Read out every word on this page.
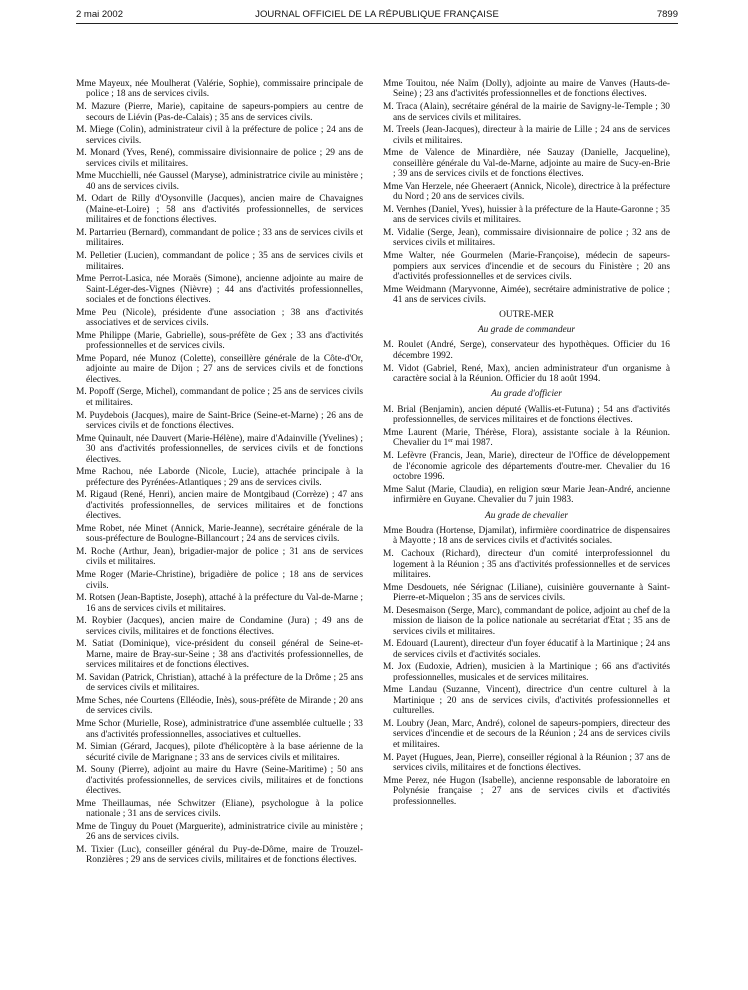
2 mai 2002	JOURNAL OFFICIEL DE LA RÉPUBLIQUE FRANÇAISE	7899
Mme Mayeux, née Moulherat (Valérie, Sophie), commissaire principale de police ; 18 ans de services civils.
M. Mazure (Pierre, Marie), capitaine de sapeurs-pompiers au centre de secours de Liévin (Pas-de-Calais) ; 35 ans de services civils.
M. Miege (Colin), administrateur civil à la préfecture de police ; 24 ans de services civils.
M. Monard (Yves, René), commissaire divisionnaire de police ; 29 ans de services civils et militaires.
Mme Mucchielli, née Gaussel (Maryse), administratrice civile au ministère ; 40 ans de services civils.
M. Odart de Rilly d'Oysonville (Jacques), ancien maire de Chavaignes (Maine-et-Loire) ; 58 ans d'activités professionnelles, de services militaires et de fonctions électives.
M. Partarrieu (Bernard), commandant de police ; 33 ans de services civils et militaires.
M. Pelletier (Lucien), commandant de police ; 35 ans de services civils et militaires.
Mme Perrot-Lasica, née Moraës (Simone), ancienne adjointe au maire de Saint-Léger-des-Vignes (Nièvre) ; 44 ans d'activités professionnelles, sociales et de fonctions électives.
Mme Peu (Nicole), présidente d'une association ; 38 ans d'activités associatives et de services civils.
Mme Philippe (Marie, Gabrielle), sous-préfète de Gex ; 33 ans d'activités professionnelles et de services civils.
Mme Popard, née Munoz (Colette), conseillère générale de la Côte-d'Or, adjointe au maire de Dijon ; 27 ans de services civils et de fonctions électives.
M. Popoff (Serge, Michel), commandant de police ; 25 ans de services civils et militaires.
M. Puydebois (Jacques), maire de Saint-Brice (Seine-et-Marne) ; 26 ans de services civils et de fonctions électives.
Mme Quinault, née Dauvert (Marie-Hélène), maire d'Adainville (Yvelines) ; 30 ans d'activités professionnelles, de services civils et de fonctions électives.
Mme Rachou, née Laborde (Nicole, Lucie), attachée principale à la préfecture des Pyrénées-Atlantiques ; 29 ans de services civils.
M. Rigaud (René, Henri), ancien maire de Montgibaud (Corrèze) ; 47 ans d'activités professionnelles, de services militaires et de fonctions électives.
Mme Robet, née Minet (Annick, Marie-Jeanne), secrétaire générale de la sous-préfecture de Boulogne-Billancourt ; 24 ans de services civils.
M. Roche (Arthur, Jean), brigadier-major de police ; 31 ans de services civils et militaires.
Mme Roger (Marie-Christine), brigadière de police ; 18 ans de services civils.
M. Rotsen (Jean-Baptiste, Joseph), attaché à la préfecture du Val-de-Marne ; 16 ans de services civils et militaires.
M. Roybier (Jacques), ancien maire de Condamine (Jura) ; 49 ans de services civils, militaires et de fonctions électives.
M. Satiat (Dominique), vice-président du conseil général de Seine-et-Marne, maire de Bray-sur-Seine ; 38 ans d'activités professionnelles, de services militaires et de fonctions électives.
M. Savidan (Patrick, Christian), attaché à la préfecture de la Drôme ; 25 ans de services civils et militaires.
Mme Sches, née Courtens (Elléodie, Inès), sous-préfète de Mirande ; 20 ans de services civils.
Mme Schor (Murielle, Rose), administratrice d'une assemblée cultuelle ; 33 ans d'activités professionnelles, associatives et cultuelles.
M. Simian (Gérard, Jacques), pilote d'hélicoptère à la base aérienne de la sécurité civile de Marignane ; 33 ans de services civils et militaires.
M. Souny (Pierre), adjoint au maire du Havre (Seine-Maritime) ; 50 ans d'activités professionnelles, de services civils, militaires et de fonctions électives.
Mme Theillaumas, née Schwitzer (Eliane), psychologue à la police nationale ; 31 ans de services civils.
Mme de Tinguy du Pouet (Marguerite), administratrice civile au ministère ; 26 ans de services civils.
M. Tixier (Luc), conseiller général du Puy-de-Dôme, maire de Trouzel-Ronzières ; 29 ans de services civils, militaires et de fonctions électives.
Mme Touitou, née Naïm (Dolly), adjointe au maire de Vanves (Hauts-de-Seine) ; 23 ans d'activités professionnelles et de fonctions électives.
M. Traca (Alain), secrétaire général de la mairie de Savigny-le-Temple ; 30 ans de services civils et militaires.
M. Treels (Jean-Jacques), directeur à la mairie de Lille ; 24 ans de services civils et militaires.
Mme de Valence de Minardière, née Sauzay (Danielle, Jacqueline), conseillère générale du Val-de-Marne, adjointe au maire de Sucy-en-Brie ; 39 ans de services civils et de fonctions électives.
Mme Van Herzele, née Gheeraert (Annick, Nicole), directrice à la préfecture du Nord ; 20 ans de services civils.
M. Vernhes (Daniel, Yves), huissier à la préfecture de la Haute-Garonne ; 35 ans de services civils et militaires.
M. Vidalie (Serge, Jean), commissaire divisionnaire de police ; 32 ans de services civils et militaires.
Mme Walter, née Gourmelen (Marie-Françoise), médecin de sapeurs-pompiers aux services d'incendie et de secours du Finistère ; 20 ans d'activités professionnelles et de services civils.
Mme Weidmann (Maryvonne, Aimée), secrétaire administrative de police ; 41 ans de services civils.
OUTRE-MER
Au grade de commandeur
M. Roulet (André, Serge), conservateur des hypothèques. Officier du 16 décembre 1992.
M. Vidot (Gabriel, René, Max), ancien administrateur d'un organisme à caractère social à la Réunion. Officier du 18 août 1994.
Au grade d'officier
M. Brial (Benjamin), ancien député (Wallis-et-Futuna) ; 54 ans d'activités professionnelles, de services militaires et de fonctions électives.
Mme Laurent (Marie, Thérèse, Flora), assistante sociale à la Réunion. Chevalier du 1er mai 1987.
M. Lefèvre (Francis, Jean, Marie), directeur de l'Office de développement de l'économie agricole des départements d'outre-mer. Chevalier du 16 octobre 1996.
Mme Salut (Marie, Claudia), en religion sœur Marie Jean-André, ancienne infirmière en Guyane. Chevalier du 7 juin 1983.
Au grade de chevalier
Mme Boudra (Hortense, Djamilat), infirmière coordinatrice de dispensaires à Mayotte ; 18 ans de services civils et d'activités sociales.
M. Cachoux (Richard), directeur d'un comité interprofessionnel du logement à la Réunion ; 35 ans d'activités professionnelles et de services militaires.
Mme Desdouets, née Sérignac (Liliane), cuisinière gouvernante à Saint-Pierre-et-Miquelon ; 35 ans de services civils.
M. Desesmaison (Serge, Marc), commandant de police, adjoint au chef de la mission de liaison de la police nationale au secrétariat d'Etat ; 35 ans de services civils et militaires.
M. Edouard (Laurent), directeur d'un foyer éducatif à la Martinique ; 24 ans de services civils et d'activités sociales.
M. Jox (Eudoxie, Adrien), musicien à la Martinique ; 66 ans d'activités professionnelles, musicales et de services militaires.
Mme Landau (Suzanne, Vincent), directrice d'un centre culturel à la Martinique ; 20 ans de services civils, d'activités professionnelles et culturelles.
M. Loubry (Jean, Marc, André), colonel de sapeurs-pompiers, directeur des services d'incendie et de secours de la Réunion ; 24 ans de services civils et militaires.
M. Payet (Hugues, Jean, Pierre), conseiller régional à la Réunion ; 37 ans de services civils, militaires et de fonctions électives.
Mme Perez, née Hugon (Isabelle), ancienne responsable de laboratoire en Polynésie française ; 27 ans de services civils et d'activités professionnelles.
